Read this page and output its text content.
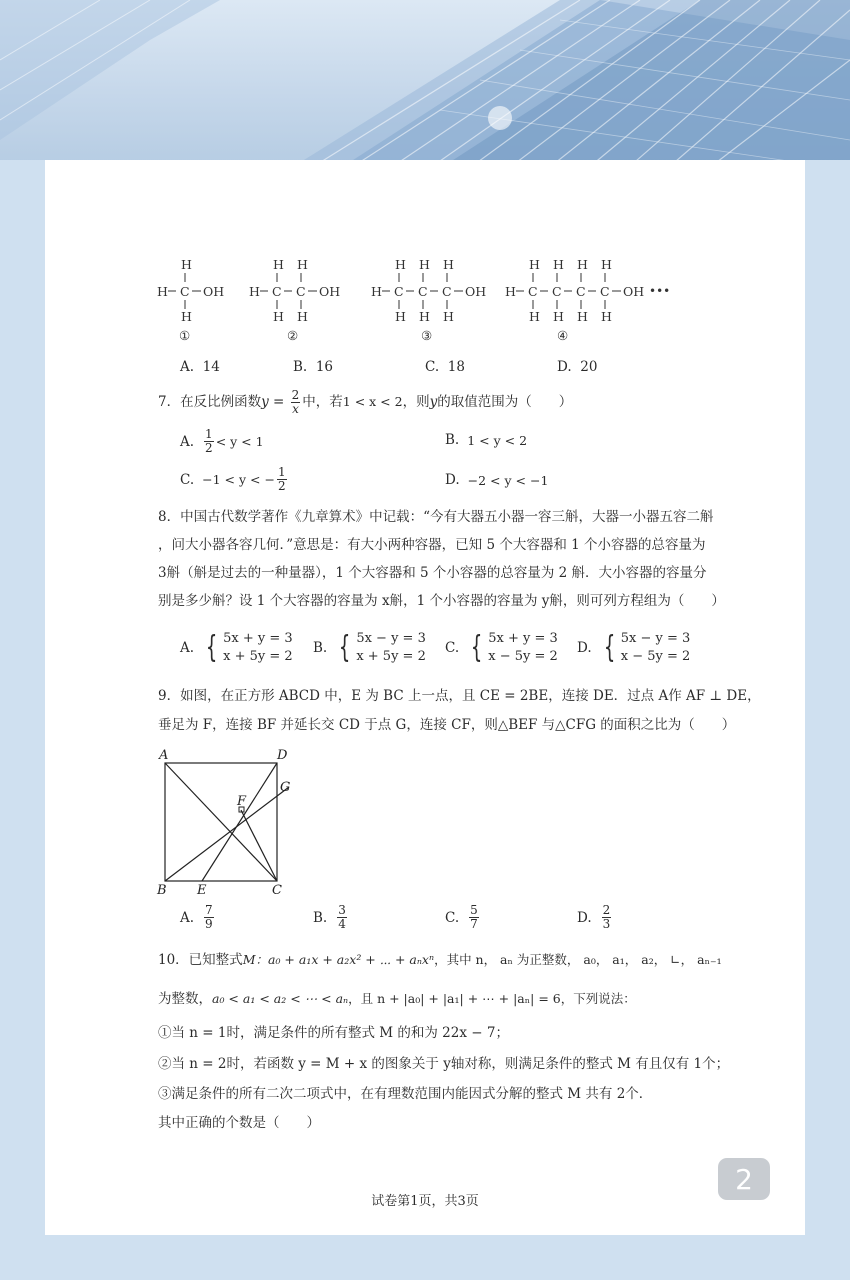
H
H C OH
H
①
H H
H C C OH
H H
②
H H H
H C C C OH
H H H
③
H H H H
H C C C C OH •••
H H H H
④
A. 14	B. 16	C. 18	D. 20
7．在反比例函数$y = \frac{2}{x}$ 中，若1 < x < 2，则y的取值范围为（　　）
A. $\frac{1}{2} < y < 1$	B. 1 < y < 2
C. −1 < y < − $\frac{1}{2}$	D. −2 < y < −1
8．中国古代数学著作《九章算术》中记载：“今有大器五小器一容三斛，大器一小器五容二斛
，问大小器各容几何．”意思是：有大小两种容器，已知 5 个大容器和 1 个小容器的总容量为
3斛（斛是过去的一种量器），1 个大容器和 5 个小容器的总容量为 2 斛．大小容器的容量分
别是多少斛？设 1 个大容器的容量为 x斛，1 个小容器的容量为 y斛，则可列方程组为（　　）
A. { 5x + y = 3
x + 5y = 2
B. { 5x − y = 3
x + 5y = 2
C. { 5x + y = 3
x − 5y = 2
D. { 5x − y = 3
x − 5y = 2
9．如图，在正方形 ABCD 中，E 为 BC 上一点，且 CE = 2BE，连接 DE．过点 A作 AF ⊥ DE，
垂足为 F，连接 BF 并延长交 CD 于点 G，连接 CF，则△BEF 与△CFG 的面积之比为（　　）
A	D
G
F
B E	C
A. $\frac{7}{9}$	B. $\frac{3}{4}$	C. $\frac{5}{7}$	D. $\frac{2}{3}$
10．已知整式M：a₀ + a₁x + a₂x² + ⋯ + aₙxⁿ，其中 n， aₙ 为正整数， a₀， a₁， a₂， ∟， aₙ₋₁
为整数，a₀ < a₁ < a₂ < ⋯ < aₙ，且 n + |a₀| + |a₁| + ⋯ + |aₙ| = 6，下列说法：
①当 n = 1时，满足条件的所有整式 M 的和为 22x − 7；
②当 n = 2时，若函数 y = M + x 的图象关于 y轴对称，则满足条件的整式 M 有且仅有 1个；
③满足条件的所有二次二项式中，在有理数范围内能因式分解的整式 M 共有 2个．
其中正确的个数是（　　）
2
试卷第1页，共3页
